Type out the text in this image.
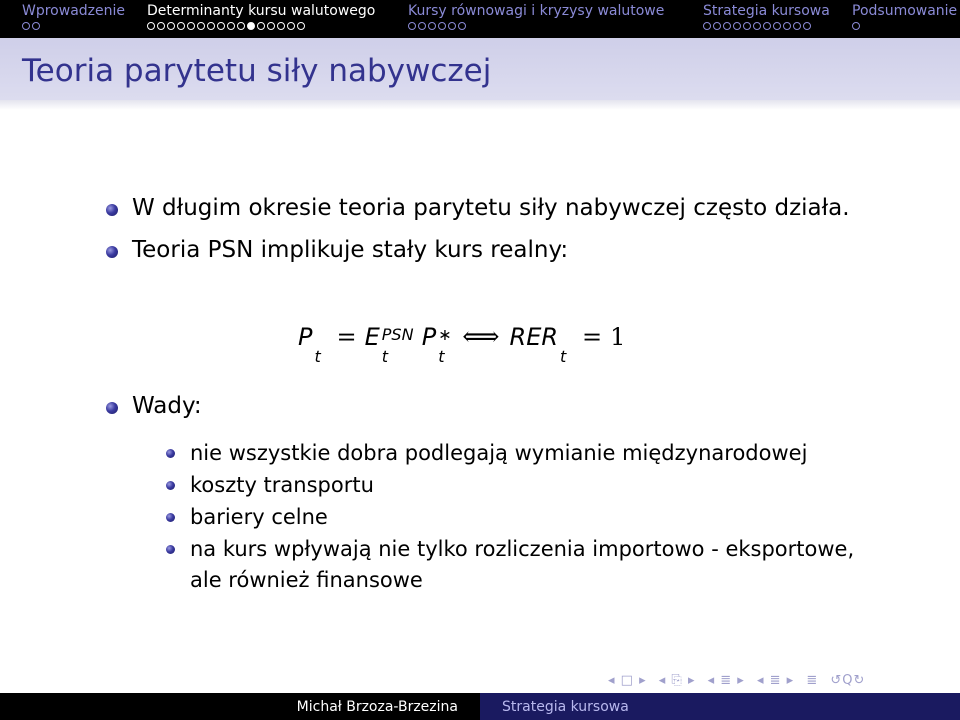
Wprowadzenie Determinanty kursu walutowego Kursy równowagi i kryzysy walutowe	Strategia kursowa Podsumowanie
Teoria parytetu siły nabywczej
W długim okresie teoria parytetu siły nabywczej często działa.
Teoria PSN implikuje stały kurs realny:
P
t
= E PSN
t
P ∗
t
⟺ RER
t
= 1
Wady:
nie wszystkie dobra podlegają wymianie międzynarodowej
koszty transportu
bariery celne
na kurs wpływają nie tylko rozliczenia importowo - eksportowe,
ale również finansowe
◂ □ ▸ ◂ ⎘ ▸ ◂ ≣ ▸ ◂ ≣ ▸ ≣ ↺Q↻
Michał Brzoza-Brzezina	Strategia kursowa
